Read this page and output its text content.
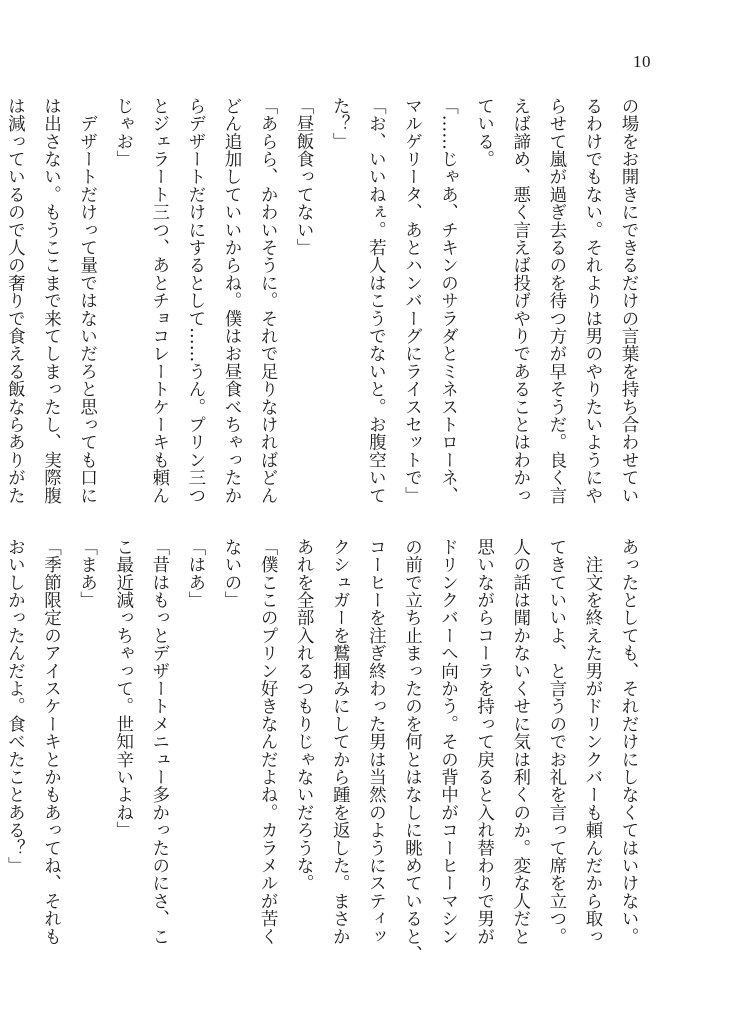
10
の場をお開きにできるだけの言葉を持ち合わせてい
るわけでもない。それよりは男のやりたいようにや
らせて嵐が過ぎ去るのを待つ方が早そうだ。良く言
えば諦め、悪く言えば投げやりであることはわかっ
ている。
「……じゃあ、チキンのサラダとミネストローネ、
マルゲリータ、あとハンバーグにライスセットで」
「お、いいねぇ。若人はこうでないと。お腹空いて
た？」
「昼飯食ってない」
「あらら、かわいそうに。それで足りなければどん
どん追加していいからね。僕はお昼食べちゃったか
らデザートだけにするとして……うん。プリン三つ
とジェラート三つ、あとチョコレートケーキも頼ん
じゃお」
　デザートだけって量ではないだろと思っても口に
は出さない。もうここまで来てしまったし、実際腹
は減っているので人の奢りで食える飯ならありがた
あったとしても、それだけにしなくてはいけない。
　注文を終えた男がドリンクバーも頼んだから取っ
てきていいよ、と言うのでお礼を言って席を立つ。
人の話は聞かないくせに気は利くのか。変な人だと
思いながらコーラを持って戻ると入れ替わりで男が
ドリンクバーへ向かう。その背中がコーヒーマシン
の前で立ち止まったのを何とはなしに眺めていると、
コーヒーを注ぎ終わった男は当然のようにスティッ
クシュガーを鷲掴みにしてから踵を返した。まさか
あれを全部入れるつもりじゃないだろうな。
「僕ここのプリン好きなんだよね。カラメルが苦く
ないの」
「はあ」
「昔はもっとデザートメニュー多かったのにさ、こ
こ最近減っちゃって。世知辛いよね」
「まあ」
「季節限定のアイスケーキとかもあってね、それも
おいしかったんだよ。食べたことある？」
